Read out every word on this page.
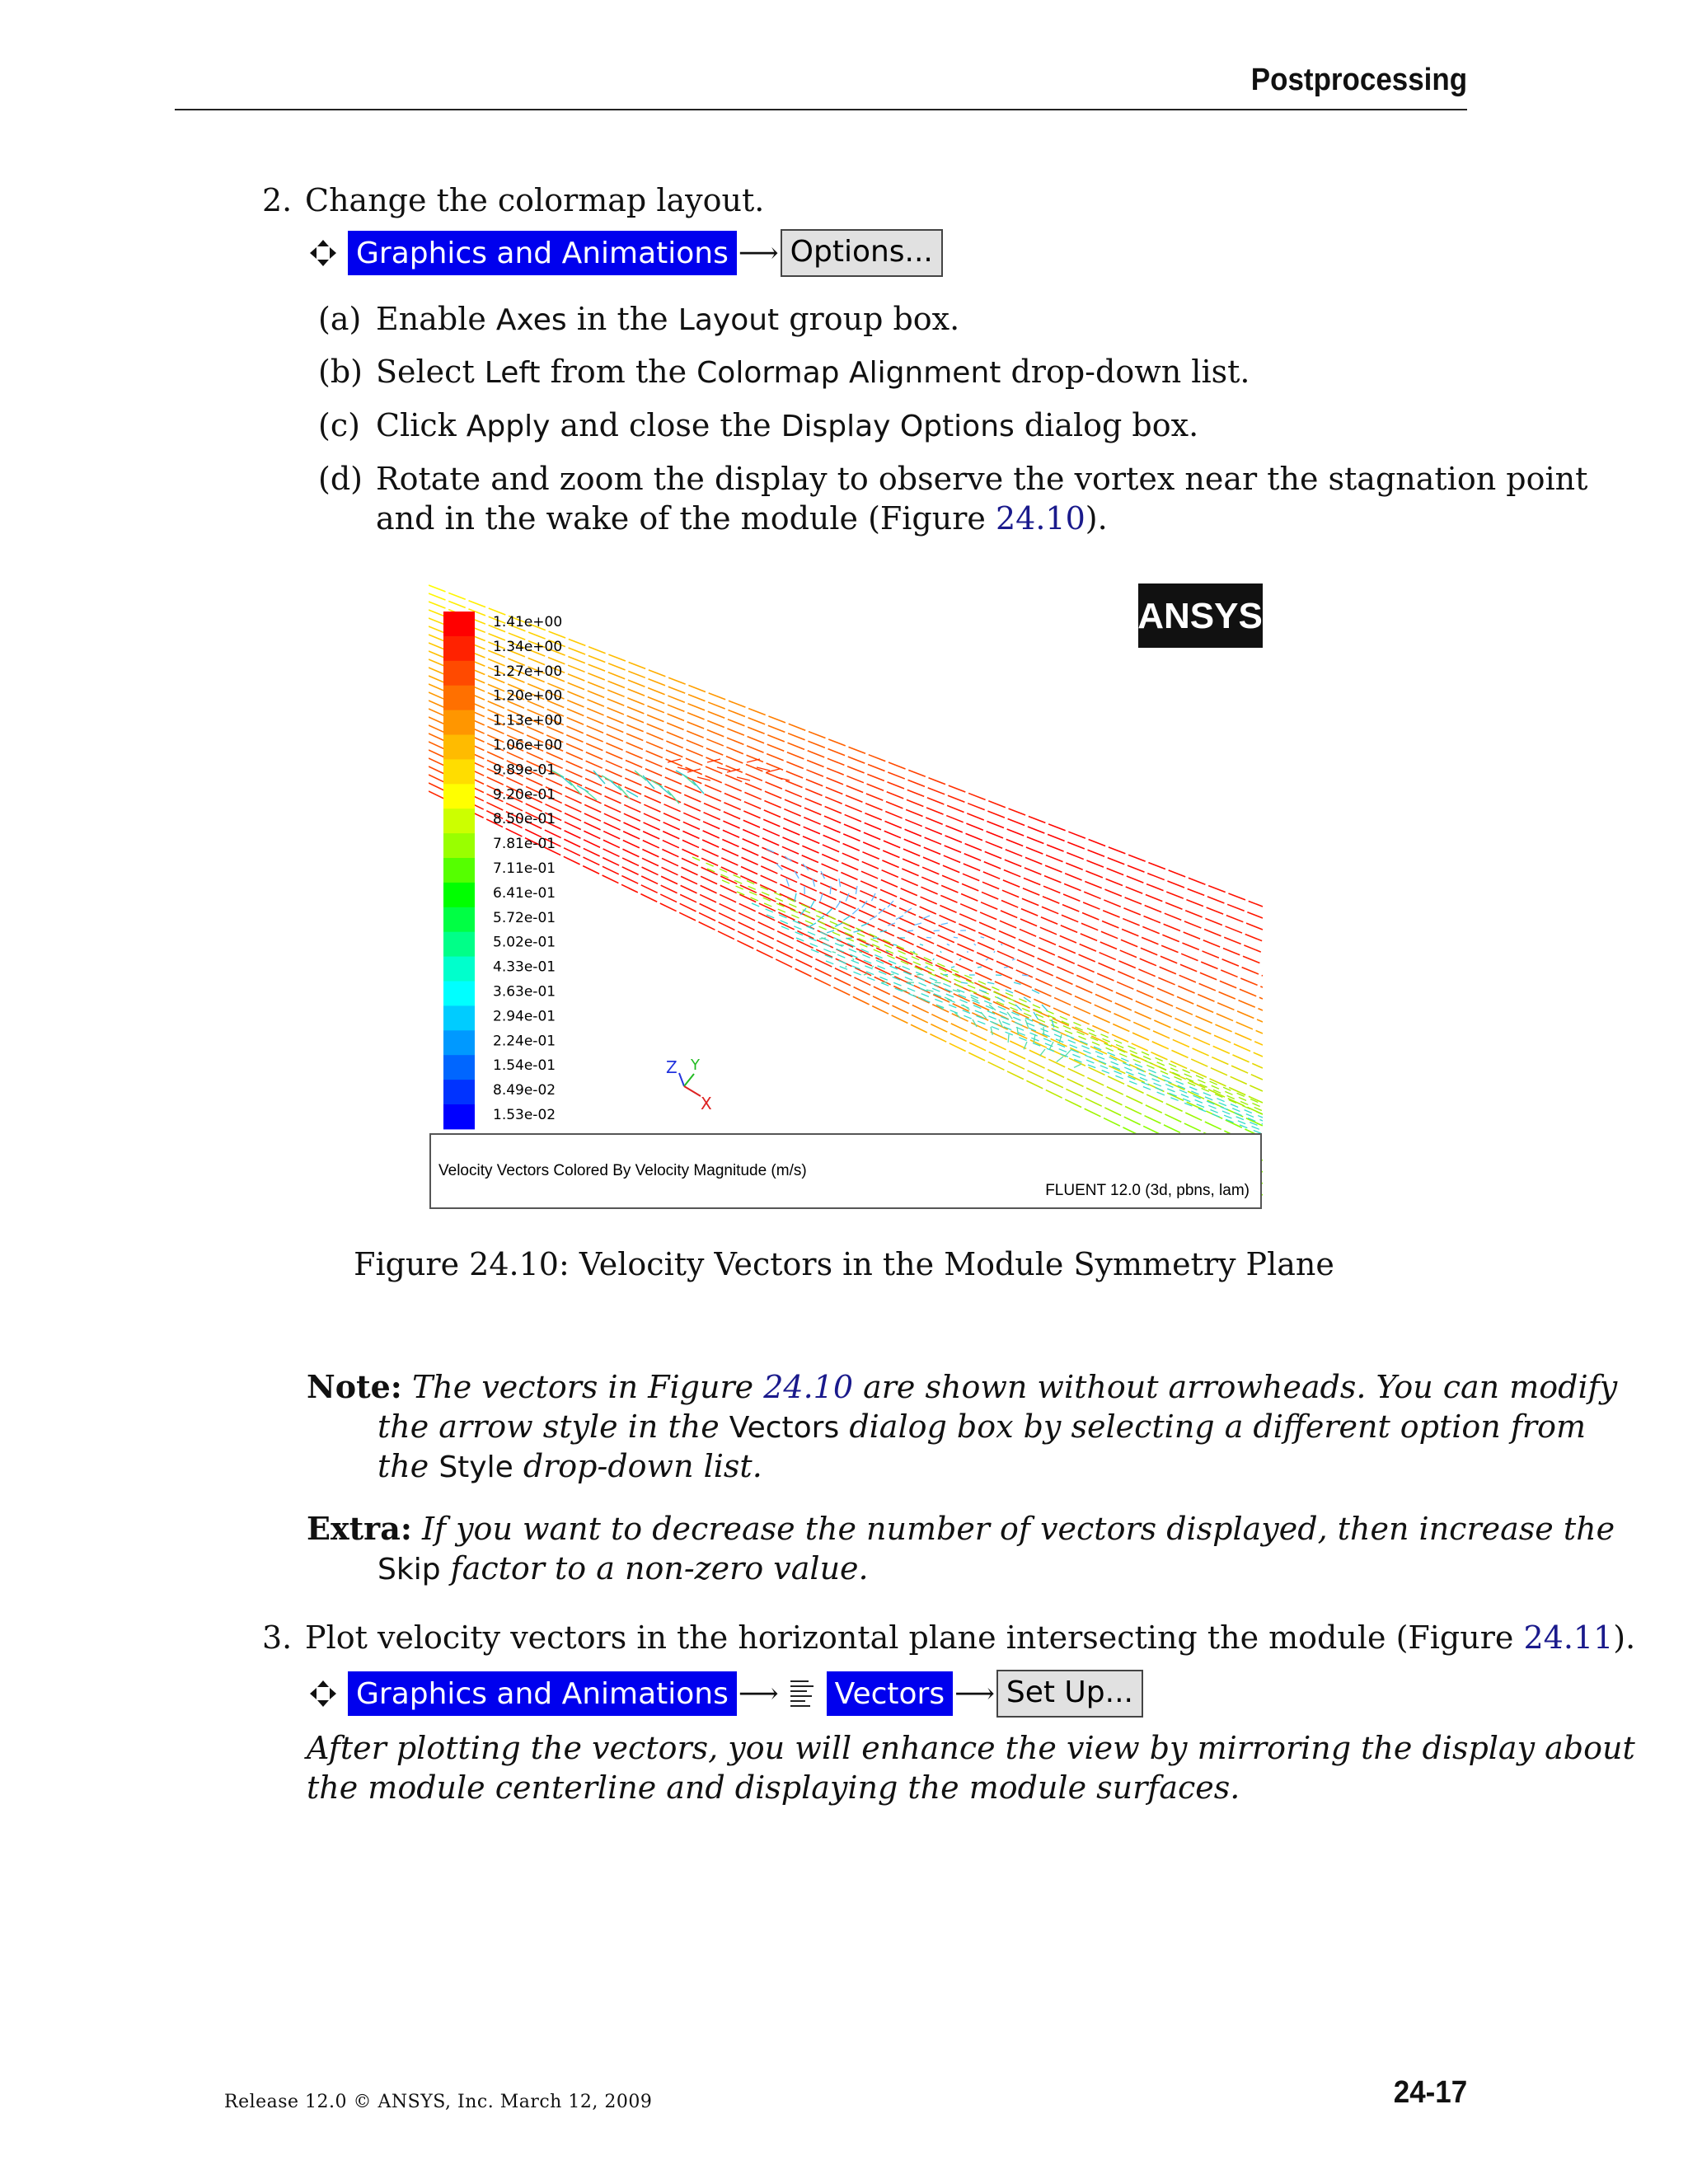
Postprocessing
2. Change the colormap layout.
Graphics and Animations ⟶ Options...
(a) Enable Axes in the Layout group box.
(b) Select Left from the Colormap Alignment drop-down list.
(c) Click Apply and close the Display Options dialog box.
(d) Rotate and zoom the display to observe the vortex near the stagnation point
and in the wake of the module (Figure 24.10).
1.41e+00
1.34e+00
1.27e+00
1.20e+00
1.13e+00
1.06e+00
9.89e-01
9.20e-01
8.50e-01
7.81e-01
7.11e-01
6.41e-01
5.72e-01
5.02e-01
4.33e-01
3.63e-01
2.94e-01
2.24e-01
1.54e-01
8.49e-02
1.53e-02
ANSYS
Z Y
X
Velocity Vectors Colored By Velocity Magnitude (m/s)
FLUENT 12.0 (3d, pbns, lam)
Figure 24.10: Velocity Vectors in the Module Symmetry Plane
Note: The vectors in Figure 24.10 are shown without arrowheads. You can modify
the arrow style in the Vectors dialog box by selecting a different option from
the Style drop-down list.
Extra: If you want to decrease the number of vectors displayed, then increase the
Skip factor to a non-zero value.
3. Plot velocity vectors in the horizontal plane intersecting the module (Figure 24.11).
Graphics and Animations ⟶ Vectors ⟶ Set Up...
After plotting the vectors, you will enhance the view by mirroring the display about
the module centerline and displaying the module surfaces.
Release 12.0 © ANSYS, Inc. March 12, 2009	24-17
